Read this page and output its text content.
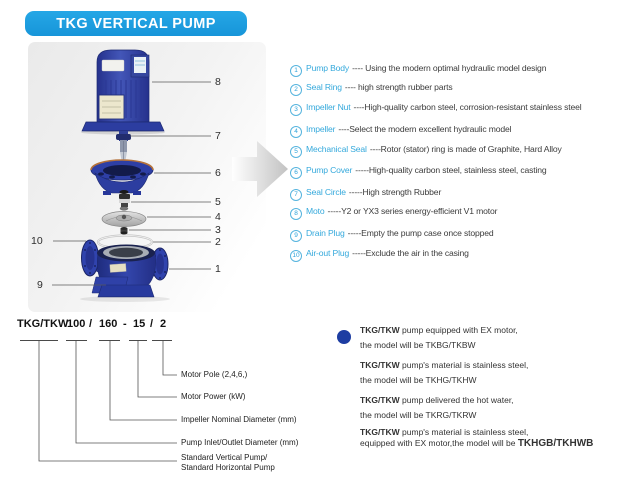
TKG VERTICAL PUMP
8
7
6
5
4
3
2
1
10
9
1 Pump Body ---- Using the modern optimal hydraulic model design
2 Seal Ring ---- high strength rubber parts
3 Impeller Nut ----High-quality carbon steel, corrosion-resistant stainless steel
4 Impeller ----Select the modern excellent hydraulic model
5 Mechanical Seal ----Rotor (stator) ring is made of Graphite, Hard Alloy
6 Pump Cover -----High-quality carbon steel, stainless steel, casting
7 Seal Circle -----High strength Rubber
8 Moto -----Y2 or YX3 series energy-efficient V1 motor
9 Drain Plug -----Empty the pump case once stopped
10 Air-out Plug -----Exclude the air in the casing
TKG/TKW
100 / 160 - 15 / 2
Motor Pole (2,4,6,)
Motor Power (kW)
Impeller Nominal Diameter (mm)
Pump Inlet/Outlet Diameter (mm)
Standard Vertical Pump/
Standard Horizontal Pump
TKG/TKW pump equipped with EX motor,
the model will be TKBG/TKBW
TKG/TKW pump's material is stainless steel,
the model will be TKHG/TKHW
TKG/TKW pump delivered the hot water,
the model will be TKRG/TKRW
TKG/TKW pump's material is stainless steel,
equipped with EX motor,the model will be TKHGB/TKHWB
